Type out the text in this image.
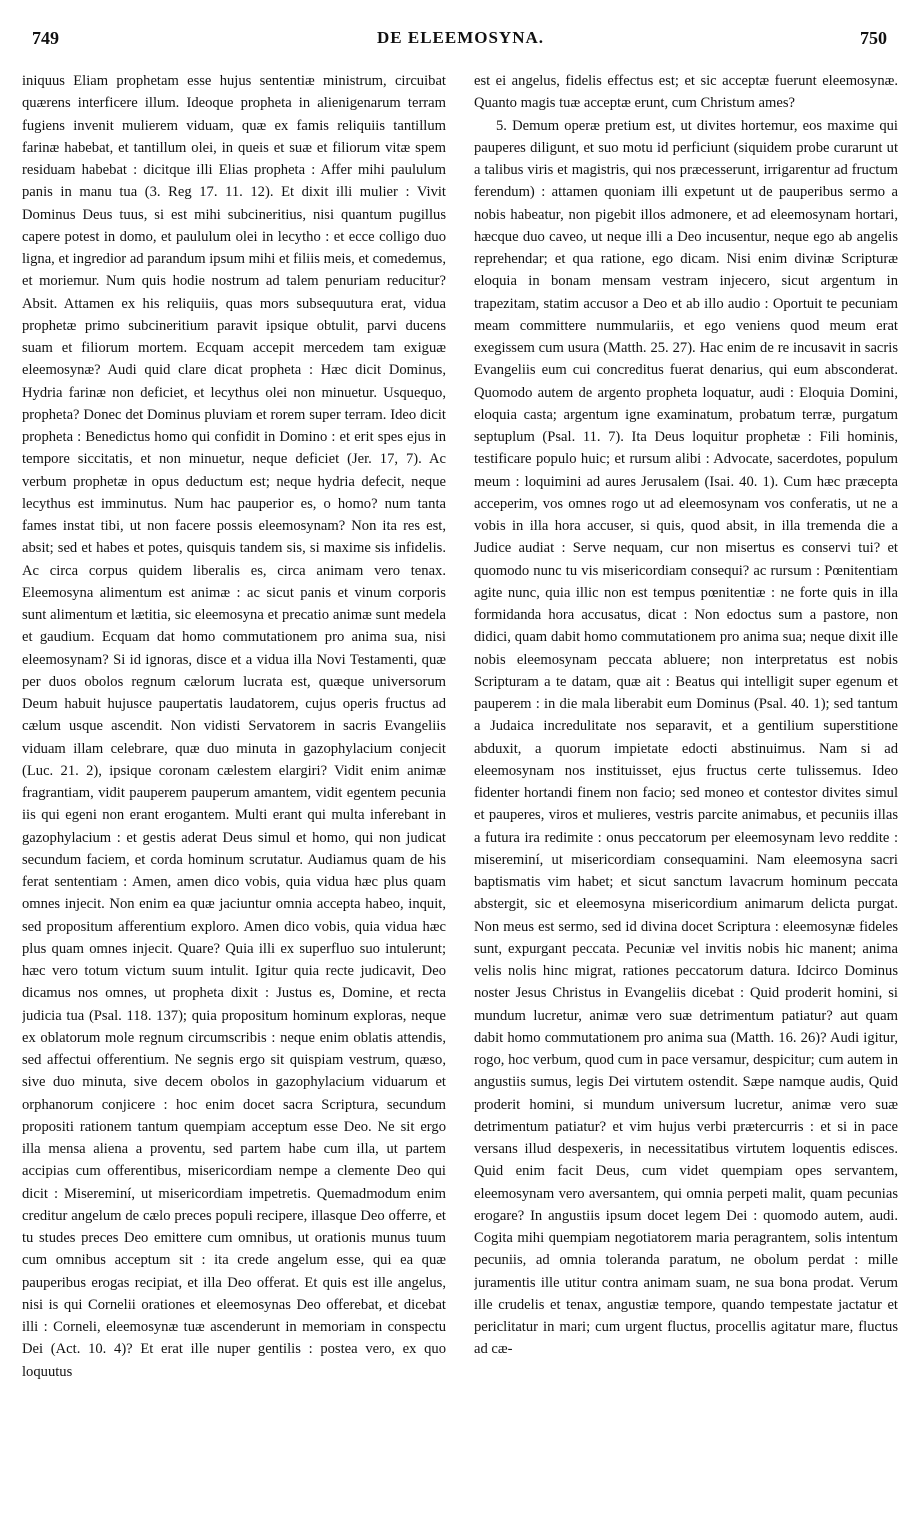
749	DE ELEEMOSYNA.	750

iniquus Eliam prophetam esse hujus sententiæ ministrum, circuibat quærens interficere illum. Ideoque propheta in alienigenarum terram fugiens invenit mulierem viduam, quæ ex famis reliquiis tantillum farinæ habebat, et tantillum olei, in queis et suæ et filiorum vitæ spem residuam habebat : dicitque illi Elias propheta : Affer mihi paululum panis in manu tua (3. Reg 17. 11. 12). Et dixit illi mulier : Vivit Dominus Deus tuus, si est mihi subcineritius, nisi quantum pugillus capere potest in domo, et paululum olei in lecytho : et ecce colligo duo ligna, et ingredior ad parandum ipsum mihi et filiis meis, et comedemus, et moriemur. Num quis hodie nostrum ad talem penuriam reducitur? Absit. Attamen ex his reliquiis, quas mors subsequutura erat, vidua prophetæ primo subcineritium paravit ipsique obtulit, parvi ducens suam et filiorum mortem. Ecquam accepit mercedem tam exiguæ eleemosynæ? Audi quid clare dicat propheta : Hæc dicit Dominus, Hydria farinæ non deficiet, et lecythus olei non minuetur. Usquequo, propheta? Donec det Dominus pluviam et rorem super terram. Ideo dicit propheta : Benedictus homo qui confidit in Domino : et erit spes ejus in tempore siccitatis, et non minuetur, neque deficiet (Jer. 17, 7). Ac verbum prophetæ in opus deductum est; neque hydria defecit, neque lecythus est imminutus. Num hac pauperior es, o homo? num tanta fames instat tibi, ut non facere possis eleemosynam? Non ita res est, absit; sed et habes et potes, quisquis tandem sis, si maxime sis infidelis. Ac circa corpus quidem liberalis es, circa animam vero tenax. Eleemosyna alimentum est animæ : ac sicut panis et vinum corporis sunt alimentum et lætitia, sic eleemosyna et precatio animæ sunt medela et gaudium. Ecquam dat homo commutationem pro anima sua, nisi eleemosynam? Si id ignoras, disce et a vidua illa Novi Testamenti, quæ per duos obolos regnum cælorum lucrata est, quæque universorum Deum habuit hujusce paupertatis laudatorem, cujus operis fructus ad cælum usque ascendit. Non vidisti Servatorem in sacris Evangeliis viduam illam celebrare, quæ duo minuta in gazophylacium conjecit (Luc. 21. 2), ipsique coronam cælestem elargiri? Vidit enim animæ fragrantiam, vidit pauperem pauperum amantem, vidit egentem pecunia iis qui egeni non erant erogantem. Multi erant qui multa inferebant in gazophylacium : et gestis aderat Deus simul et homo, qui non judicat secundum faciem, et corda hominum scrutatur. Audiamus quam de his ferat sententiam : Amen, amen dico vobis, quia vidua hæc plus quam omnes injecit. Non enim ea quæ jaciuntur omnia accepta habeo, inquit, sed propositum afferentium exploro. Amen dico vobis, quia vidua hæc plus quam omnes injecit. Quare? Quia illi ex superfluo suo intulerunt; hæc vero totum victum suum intulit. Igitur quia recte judicavit, Deo dicamus nos omnes, ut propheta dixit : Justus es, Domine, et recta judicia tua (Psal. 118. 137); quia propositum hominum exploras, neque ex oblatorum mole regnum circumscribis : neque enim oblatis attendis, sed affectui offerentium. Ne segnis ergo sit quispiam vestrum, quæso, sive duo minuta, sive decem obolos in gazophylacium viduarum et orphanorum conjicere : hoc enim docet sacra Scriptura, secundum propositi rationem tantum quempiam acceptum esse Deo. Ne sit ergo illa mensa aliena a proventu, sed partem habe cum illa, ut partem accipias cum offerentibus, misericordiam nempe a clemente Deo qui dicit : Misereminí, ut misericordiam impetretis. Quemadmodum enim creditur angelum de cælo preces populi recipere, illasque Deo offerre, et tu studes preces Deo emittere cum omnibus, ut orationis munus tuum cum omnibus acceptum sit : ita crede angelum esse, qui ea quæ pauperibus erogas recipiat, et illa Deo offerat. Et quis est ille angelus, nisi is qui Cornelii orationes et eleemosynas Deo offerebat, et dicebat illi : Corneli, eleemosynæ tuæ ascenderunt in memoriam in conspectu Dei (Act. 10. 4)? Et erat ille nuper gentilis : postea vero, ex quo loquutus

est ei angelus, fidelis effectus est; et sic acceptæ fuerunt eleemosynæ. Quanto magis tuæ acceptæ erunt, cum Christum ames?

5. Demum operæ pretium est, ut divites hortemur, eos maxime qui pauperes diligunt, et suo motu id perficiunt (siquidem probe curarunt ut a talibus viris et magistris, qui nos præcesserunt, irrigarentur ad fructum ferendum) : attamen quoniam illi expetunt ut de pauperibus sermo a nobis habeatur, non pigebit illos admonere, et ad eleemosynam hortari, hæcque duo caveo, ut neque illi a Deo incusentur, neque ego ab angelis reprehendar; et qua ratione, ego dicam. Nisi enim divinæ Scripturæ eloquia in bonam mensam vestram injecero, sicut argentum in trapezitam, statim accusor a Deo et ab illo audio : Oportuit te pecuniam meam committere nummulariis, et ego veniens quod meum erat exegissem cum usura (Matth. 25. 27). Hac enim de re incusavit in sacris Evangeliis eum cui concreditus fuerat denarius, qui eum absconderat. Quomodo autem de argento propheta loquatur, audi : Eloquia Domini, eloquia casta; argentum igne examinatum, probatum terræ, purgatum septuplum (Psal. 11. 7). Ita Deus loquitur prophetæ : Fili hominis, testificare populo huic; et rursum alibi : Advocate, sacerdotes, populum meum : loquimini ad aures Jerusalem (Isai. 40. 1). Cum hæc præcepta acceperim, vos omnes rogo ut ad eleemosynam vos conferatis, ut ne a vobis in illa hora accuser, si quis, quod absit, in illa tremenda die a Judice audiat : Serve nequam, cur non misertus es conservi tui? et quomodo nunc tu vis misericordiam consequi? ac rursum : Pœnitentiam agite nunc, quia illic non est tempus pœnitentiæ : ne forte quis in illa formidanda hora accusatus, dicat : Non edoctus sum a pastore, non didici, quam dabit homo commutationem pro anima sua; neque dixit ille nobis eleemosynam peccata abluere; non interpretatus est nobis Scripturam a te datam, quæ ait : Beatus qui intelligit super egenum et pauperem : in die mala liberabit eum Dominus (Psal. 40. 1); sed tantum a Judaica incredulitate nos separavit, et a gentilium superstitione abduxit, a quorum impietate edocti abstinuimus. Nam si ad eleemosynam nos instituisset, ejus fructus certe tulissemus. Ideo fidenter hortandi finem non facio; sed moneo et contestor divites simul et pauperes, viros et mulieres, vestris parcite animabus, et pecuniis illas a futura ira redimite : onus peccatorum per eleemosynam levo reddite : misereminí, ut misericordiam consequamini. Nam eleemosyna sacri baptismatis vim habet; et sicut sanctum lavacrum hominum peccata abstergit, sic et eleemosyna misericordium animarum delicta purgat. Non meus est sermo, sed id divina docet Scriptura : eleemosynæ fideles sunt, expurgant peccata. Pecuniæ vel invitis nobis hic manent; anima velis nolis hinc migrat, rationes peccatorum datura. Idcirco Dominus noster Jesus Christus in Evangeliis dicebat : Quid proderit homini, si mundum lucretur, animæ vero suæ detrimentum patiatur? aut quam dabit homo commutationem pro anima sua (Matth. 16. 26)? Audi igitur, rogo, hoc verbum, quod cum in pace versamur, despicitur; cum autem in angustiis sumus, legis Dei virtutem ostendit. Sæpe namque audis, Quid proderit homini, si mundum universum lucretur, animæ vero suæ detrimentum patiatur? et vim hujus verbi prætercurris : et si in pace versans illud despexeris, in necessitatibus virtutem loquentis edisces. Quid enim facit Deus, cum videt quempiam opes servantem, eleemosynam vero aversantem, qui omnia perpeti malit, quam pecunias erogare? In angustiis ipsum docet legem Dei : quomodo autem, audi. Cogita mihi quempiam negotiatorem maria peragrantem, solis intentum pecuniis, ad omnia toleranda paratum, ne obolum perdat : mille juramentis ille utitur contra animam suam, ne sua bona prodat. Verum ille crudelis et tenax, angustiæ tempore, quando tempestate jactatur et periclitatur in mari; cum urgent fluctus, procellis agitatur mare, fluctus ad cæ-
